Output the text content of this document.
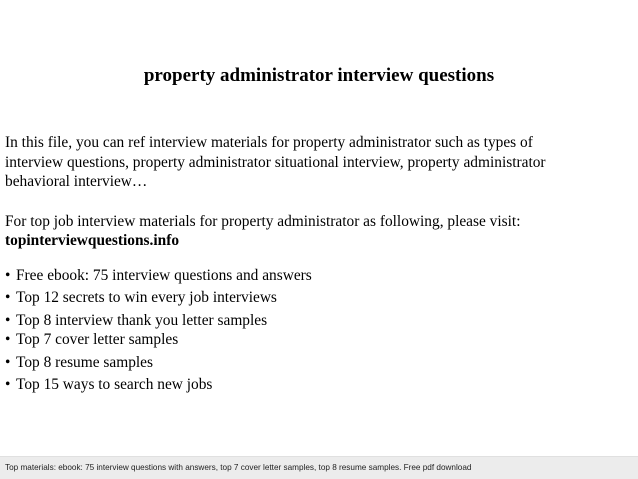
property administrator interview questions

In this file, you can ref interview materials for property administrator such as types of

interview questions, property administrator situational interview, property administrator

behavioral interview…

For top job interview materials for property administrator as following, please visit:

topinterviewquestions.info
• Free ebook: 75 interview questions and answers
• Top 12 secrets to win every job interviews
• Top 8 interview thank you letter samples
• Top 7 cover letter samples
• Top 8 resume samples
• Top 15 ways to search new jobs
Top materials: ebook: 75 interview questions with answers, top 7 cover letter samples, top 8 resume samples. Free pdf download
